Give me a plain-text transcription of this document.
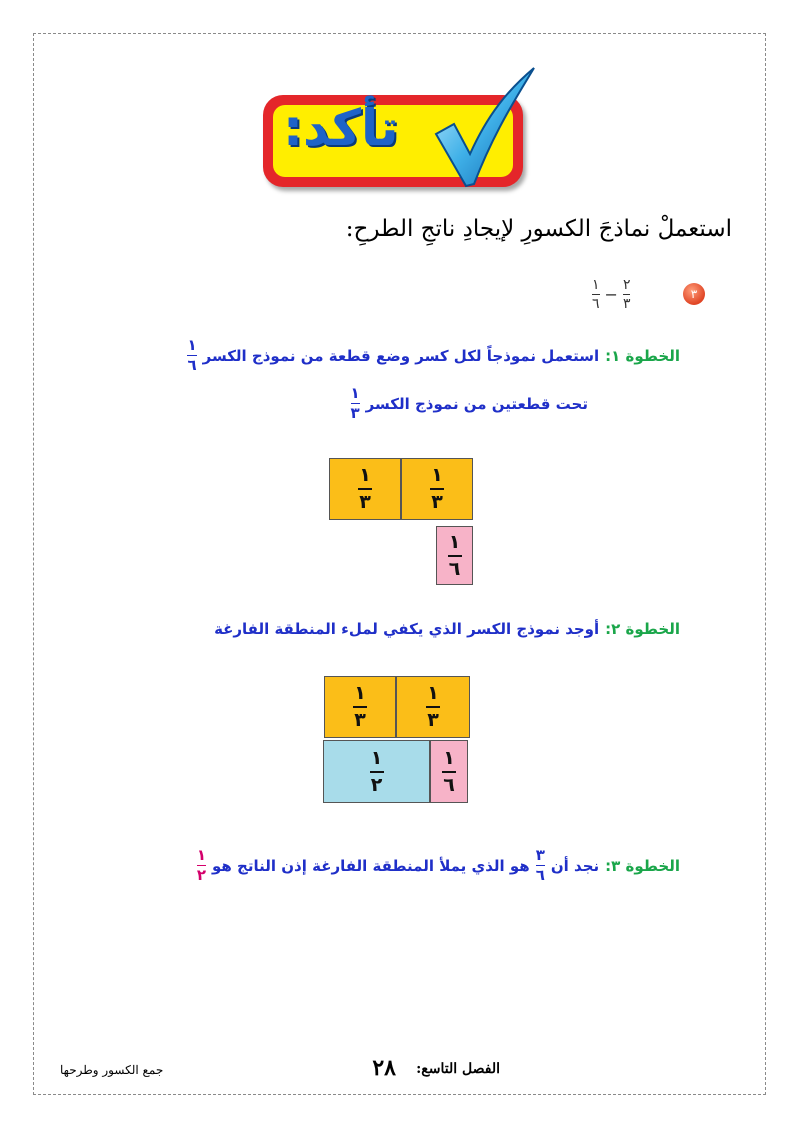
تأكد:
استعملْ نماذجَ الكسورِ لإيجادِ ناتجِ الطرحِ:
٣
$\frac{١}{٦} - \frac{٢}{٣}$
الخطوة ١:
استعمل نموذجاً لكل كسر وضع قطعة من نموذج الكسر
$\frac{١}{٦}$
تحت قطعتين من نموذج الكسر
$\frac{١}{٣}$
$\frac{١}{٣}$	$\frac{١}{٣}$
$\frac{١}{٦}$
الخطوة ٢:
أوجد نموذج الكسر الذي يكفي لملء المنطقة الفارغة
$\frac{١}{٣}$	$\frac{١}{٣}$
$\frac{١}{٢}$	$\frac{١}{٦}$
الخطوة ٣:
نجد أن
$\frac{٣}{٦}$
هو الذي يملأ المنطقة الفارغة إذن الناتج هو
$\frac{١}{٢}$
٢٨ الفصل التاسع:
جمع الكسور وطرحها
